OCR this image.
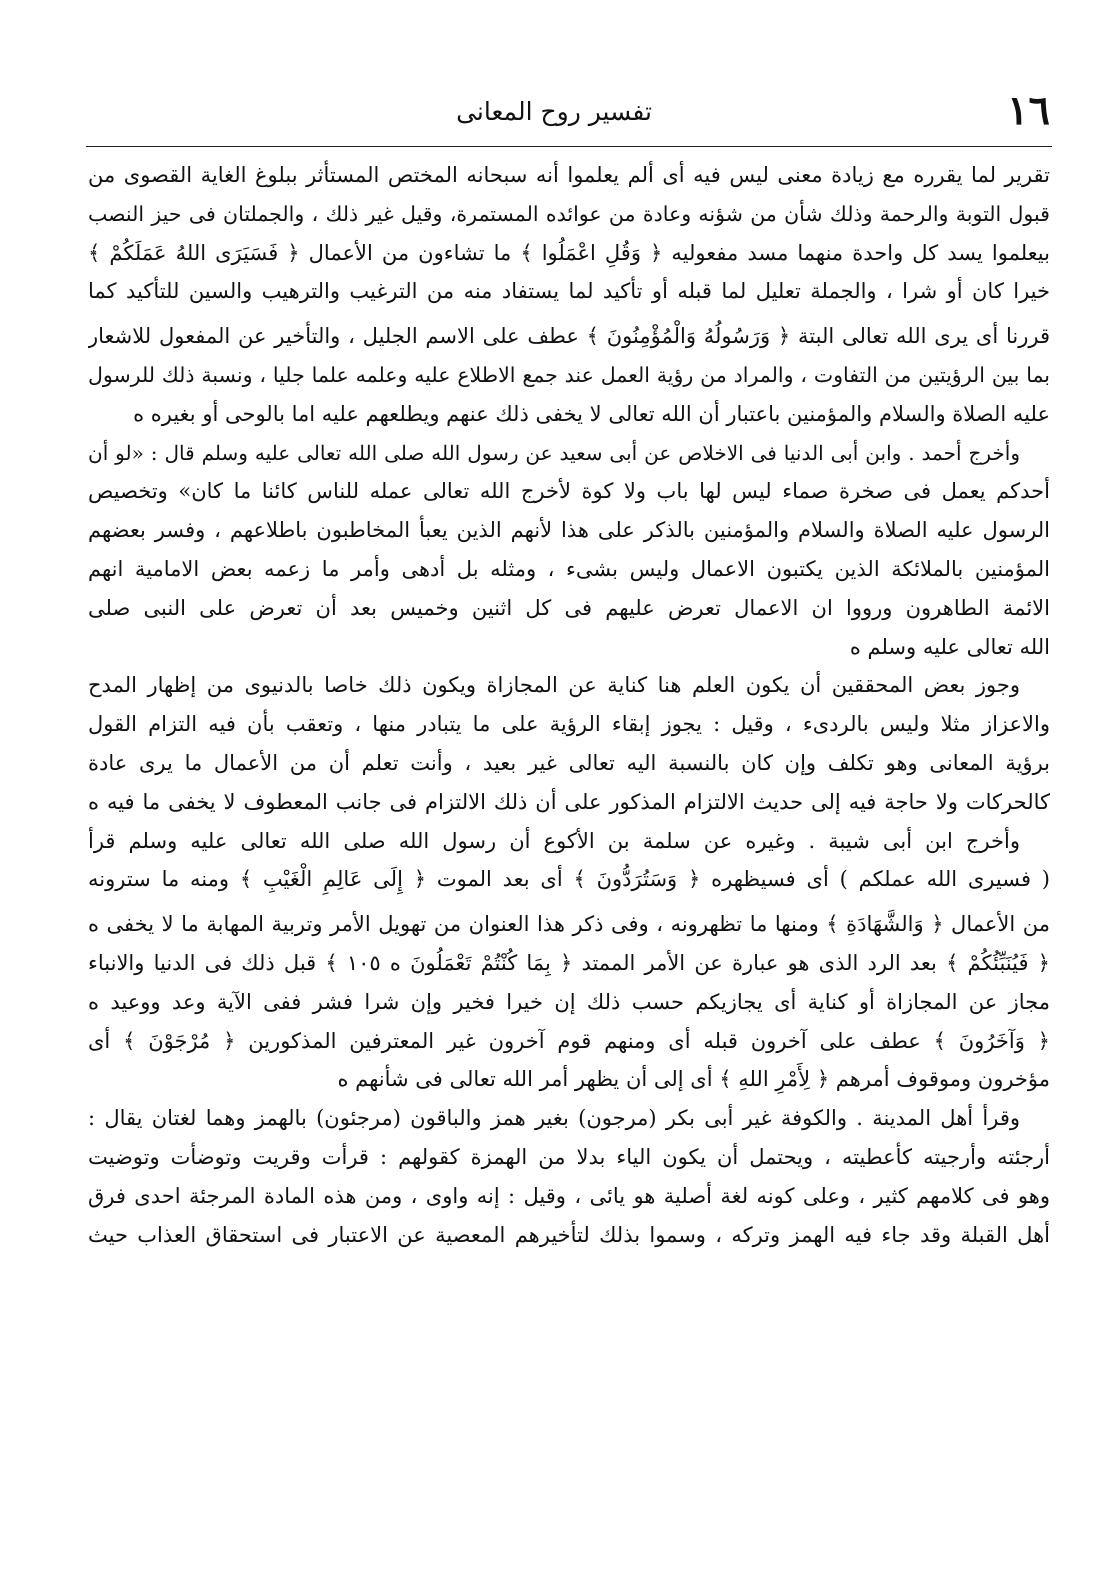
١٦
تفسير روح المعانى
تقرير لما يقرره مع زيادة معنى ليس فيه أى ألم يعلموا أنه سبحانه المختص المستأثر ببلوغ الغاية القصوى من
قبول التوبة والرحمة وذلك شأن من شؤنه وعادة من عوائده المستمرة، وقيل غير ذلك ، والجملتان فى حيز النصب
بيعلموا يسد كل واحدة منهما مسد مفعوليه ﴿ وَقُلِ اعْمَلُوا ﴾ ما تشاءون من الأعمال ﴿ فَسَيَرَى اللهُ عَمَلَكُمْ ﴾
خيرا كان أو شرا ، والجملة تعليل لما قبله أو تأكيد لما يستفاد منه من الترغيب والترهيب والسين للتأكيد كما
قررنا أى يرى الله تعالى البتة ﴿ وَرَسُولُهُ وَالْمُؤْمِنُونَ ﴾ عطف على الاسم الجليل ، والتأخير عن المفعول للاشعار
بما بين الرؤيتين من التفاوت ، والمراد من رؤية العمل عند جمع الاطلاع عليه وعلمه علما جليا ، ونسبة ذلك للرسول
عليه الصلاة والسلام والمؤمنين باعتبار أن الله تعالى لا يخفى ذلك عنهم ويطلعهم عليه اما بالوحى أو بغيره ه
وأخرج أحمد . وابن أبى الدنيا فى الاخلاص عن أبى سعيد عن رسول الله صلى الله تعالى عليه وسلم قال : «لو أن
أحدكم يعمل فى صخرة صماء ليس لها باب ولا كوة لأخرج الله تعالى عمله للناس كائنا ما كان» وتخصيص
الرسول عليه الصلاة والسلام والمؤمنين بالذكر على هذا لأنهم الذين يعبأ المخاطبون باطلاعهم ، وفسر بعضهم
المؤمنين بالملائكة الذين يكتبون الاعمال وليس بشىء ، ومثله بل أدهى وأمر ما زعمه بعض الامامية انهم
الائمة الطاهرون ورووا ان الاعمال تعرض عليهم فى كل اثنين وخميس بعد أن تعرض على النبى صلى
الله تعالى عليه وسلم ه
وجوز بعض المحققين أن يكون العلم هنا كناية عن المجازاة ويكون ذلك خاصا بالدنيوى من إظهار المدح
والاعزاز مثلا وليس بالردىء ، وقيل : يجوز إبقاء الرؤية على ما يتبادر منها ، وتعقب بأن فيه التزام القول
برؤية المعانى وهو تكلف وإن كان بالنسبة اليه تعالى غير بعيد ، وأنت تعلم أن من الأعمال ما يرى عادة
كالحركات ولا حاجة فيه إلى حديث الالتزام المذكور على أن ذلك الالتزام فى جانب المعطوف لا يخفى ما فيه ه
وأخرج ابن أبى شيبة . وغيره عن سلمة بن الأكوع أن رسول الله صلى الله تعالى عليه وسلم قرأ
( فسيرى الله عملكم ) أى فسيظهره ﴿ وَسَتُرَدُّونَ ﴾ أى بعد الموت ﴿ إِلَى عَالِمِ الْغَيْبِ ﴾ ومنه ما سترونه
من الأعمال ﴿ وَالشَّهَادَةِ ﴾ ومنها ما تظهرونه ، وفى ذكر هذا العنوان من تهويل الأمر وتربية المهابة ما لا يخفى ه
﴿ فَيُنَبِّئُكُمْ ﴾ بعد الرد الذى هو عبارة عن الأمر الممتد ﴿ بِمَا كُنْتُمْ تَعْمَلُونَ ه ١٠٥ ﴾ قبل ذلك فى الدنيا والانباء
مجاز عن المجازاة أو كناية أى يجازيكم حسب ذلك إن خيرا فخير وإن شرا فشر ففى الآية وعد ووعيد ه
﴿ وَآخَرُونَ ﴾ عطف على آخرون قبله أى ومنهم قوم آخرون غير المعترفين المذكورين ﴿ مُرْجَوْنَ ﴾ أى
مؤخرون وموقوف أمرهم ﴿ لِأَمْرِ اللهِ ﴾ أى إلى أن يظهر أمر الله تعالى فى شأنهم ه
وقرأ أهل المدينة . والكوفة غير أبى بكر (مرجون) بغير همز والباقون (مرجئون) بالهمز وهما لغتان يقال :
أرجئته وأرجيته كأعطيته ، ويحتمل أن يكون الياء بدلا من الهمزة كقولهم : قرأت وقريت وتوضأت وتوضيت
وهو فى كلامهم كثير ، وعلى كونه لغة أصلية هو يائى ، وقيل : إنه واوى ، ومن هذه المادة المرجئة احدى فرق
أهل القبلة وقد جاء فيه الهمز وتركه ، وسموا بذلك لتأخيرهم المعصية عن الاعتبار فى استحقاق العذاب حيث
